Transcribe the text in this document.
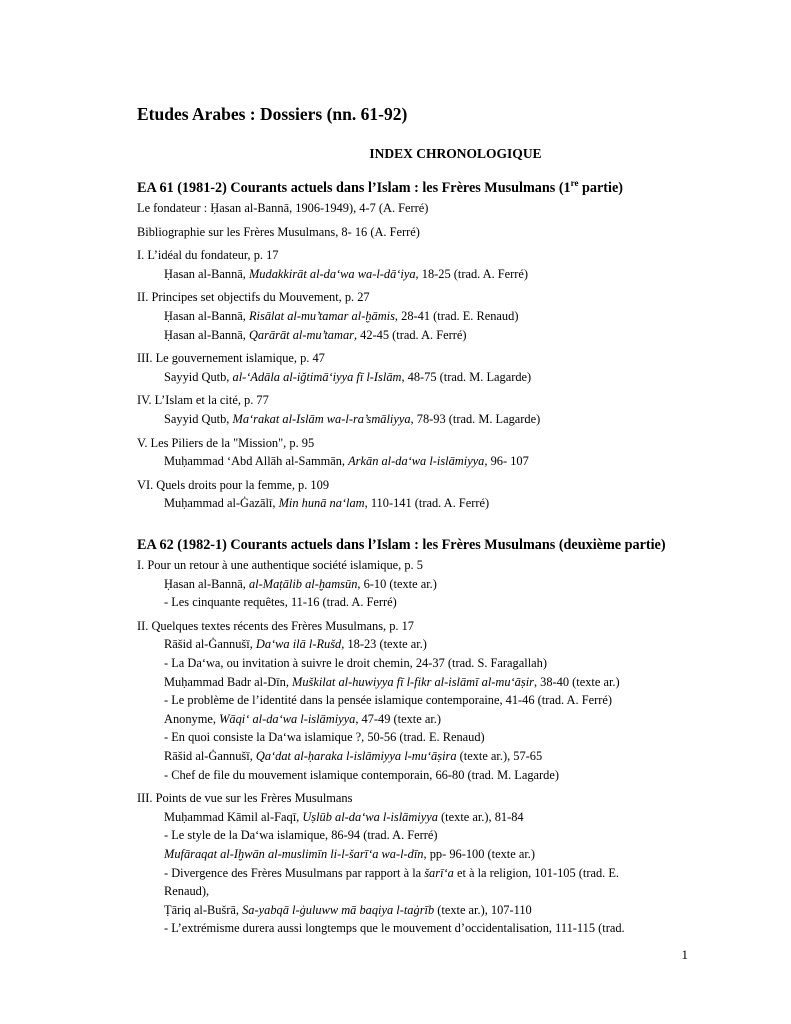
Etudes Arabes : Dossiers (nn. 61-92)
INDEX CHRONOLOGIQUE
EA 61 (1981-2) Courants actuels dans l’Islam : les Frères Musulmans (1re partie)
Le fondateur : Ḥasan al-Bannā, 1906-1949), 4-7 (A. Ferré)
Bibliographie sur les Frères Musulmans, 8- 16 (A. Ferré)
I. L’idéal du fondateur, p. 17
Ḥasan al-Bannā, Mudakkirāt al-da‘wa wa-l-dā‘iya, 18-25 (trad. A. Ferré)
II. Principes set objectifs du Mouvement, p. 27
Ḥasan al-Bannā, Risālat al-mu’tamar al-ḫāmis, 28-41 (trad. E. Renaud)
Ḥasan al-Bannā, Qarārāt al-mu’tamar, 42-45 (trad. A. Ferré)
III. Le gouvernement islamique, p. 47
Sayyid Qutb, al-‘Adāla al-iğtimā‘iyya fī l-Islām, 48-75 (trad. M. Lagarde)
IV. L’Islam et la cité, p. 77
Sayyid Qutb, Ma‘rakat al-Islām wa-l-ra’smāliyya, 78-93 (trad. M. Lagarde)
V. Les Piliers de la "Mission", p. 95
Muḥammad ‘Abd Allāh al-Sammān, Arkān al-da‘wa l-islāmiyya, 96- 107
VI. Quels droits pour la femme, p. 109
Muḥammad al-Ġazālī, Min hunā na‘lam, 110-141 (trad. A. Ferré)
EA 62 (1982-1) Courants actuels dans l’Islam : les Frères Musulmans (deuxième partie)
I. Pour un retour à une authentique société islamique, p. 5
Ḥasan al-Bannā, al-Maṭālib al-ḫamsūn, 6-10 (texte ar.)
- Les cinquante requêtes, 11-16 (trad. A. Ferré)
II. Quelques textes récents des Frères Musulmans, p. 17
Rāšid al-Ġannušī, Da‘wa ilā l-Rušd, 18-23 (texte ar.)
- La Da‘wa, ou invitation à suivre le droit chemin, 24-37 (trad. S. Faragallah)
Muḥammad Badr al-Dīn, Muškilat al-huwiyya fī l-fikr al-islāmī al-mu‘āṣir, 38-40 (texte ar.)
- Le problème de l’identité dans la pensée islamique contemporaine, 41-46 (trad. A. Ferré)
Anonyme, Wāqi‘ al-da‘wa l-islāmiyya, 47-49 (texte ar.)
- En quoi consiste la Da‘wa islamique ?, 50-56 (trad. E. Renaud)
Rāšid al-Ġannušī, Qa‘dat al-ḥaraka l-islāmiyya l-mu‘āṣira (texte ar.), 57-65
- Chef de file du mouvement islamique contemporain, 66-80 (trad. M. Lagarde)
III. Points de vue sur les Frères Musulmans
Muḥammad Kāmil al-Faqī, Uṣlūb al-da‘wa l-islāmiyya (texte ar.), 81-84
- Le style de la Da‘wa islamique, 86-94 (trad. A. Ferré)
Mufāraqat al-Iḫwān al-muslimīn li-l-šarī‘a wa-l-dīn, pp- 96-100 (texte ar.)
- Divergence des Frères Musulmans par rapport à la šarī‘a et à la religion, 101-105 (trad. E.
Renaud),
Ṭāriq al-Bušrā, Sa-yabqā l-ġuluww mā baqiya l-taġrīb (texte ar.), 107-110
- L’extrémisme durera aussi longtemps que le mouvement d’occidentalisation, 111-115 (trad.
1
